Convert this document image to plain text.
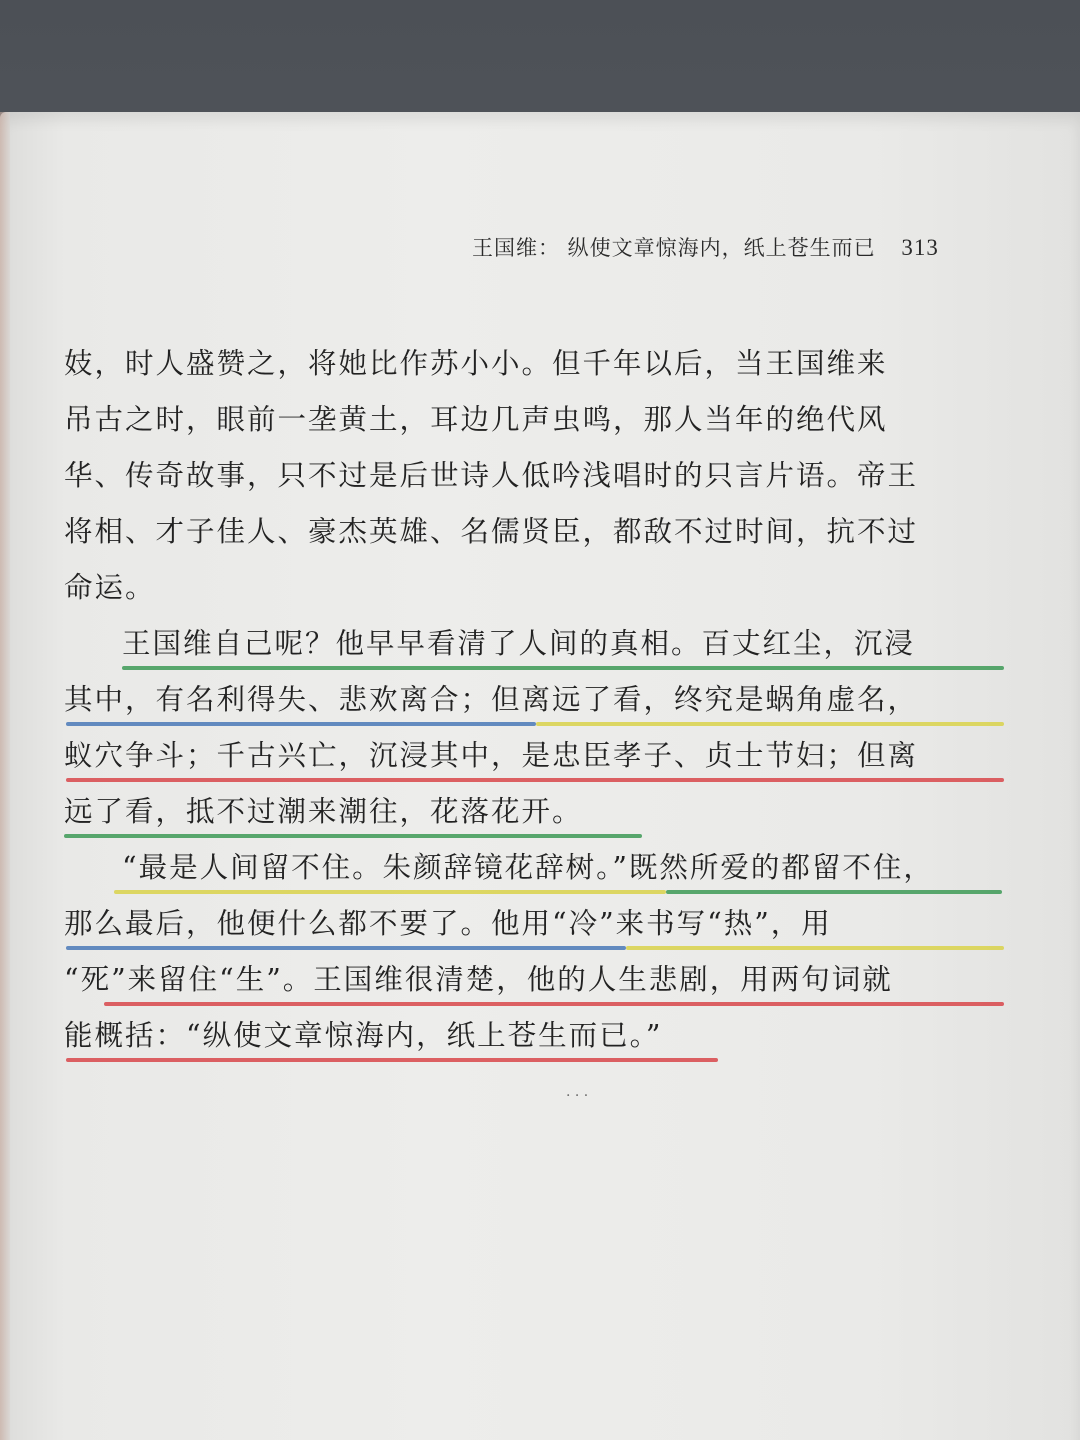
王国维： 纵使文章惊海内，纸上苍生而已 313
妓，时人盛赞之，将她比作苏小小。但千年以后，当王国维来
吊古之时，眼前一垄黄土，耳边几声虫鸣，那人当年的绝代风
华、传奇故事，只不过是后世诗人低吟浅唱时的只言片语。帝王
将相、才子佳人、豪杰英雄、名儒贤臣，都敌不过时间，抗不过
命运。
王国维自己呢？他早早看清了人间的真相。百丈红尘，沉浸
其中，有名利得失、悲欢离合；但离远了看，终究是蜗角虚名，
蚁穴争斗；千古兴亡，沉浸其中，是忠臣孝子、贞士节妇；但离
远了看，抵不过潮来潮往，花落花开。
“最是人间留不住。朱颜辞镜花辞树。”既然所爱的都留不住，
那么最后，他便什么都不要了。他用“冷”来书写“热”，用
“死”来留住“生”。王国维很清楚，他的人生悲剧，用两句词就
能概括：“纵使文章惊海内，纸上苍生而已。”
· · ·
